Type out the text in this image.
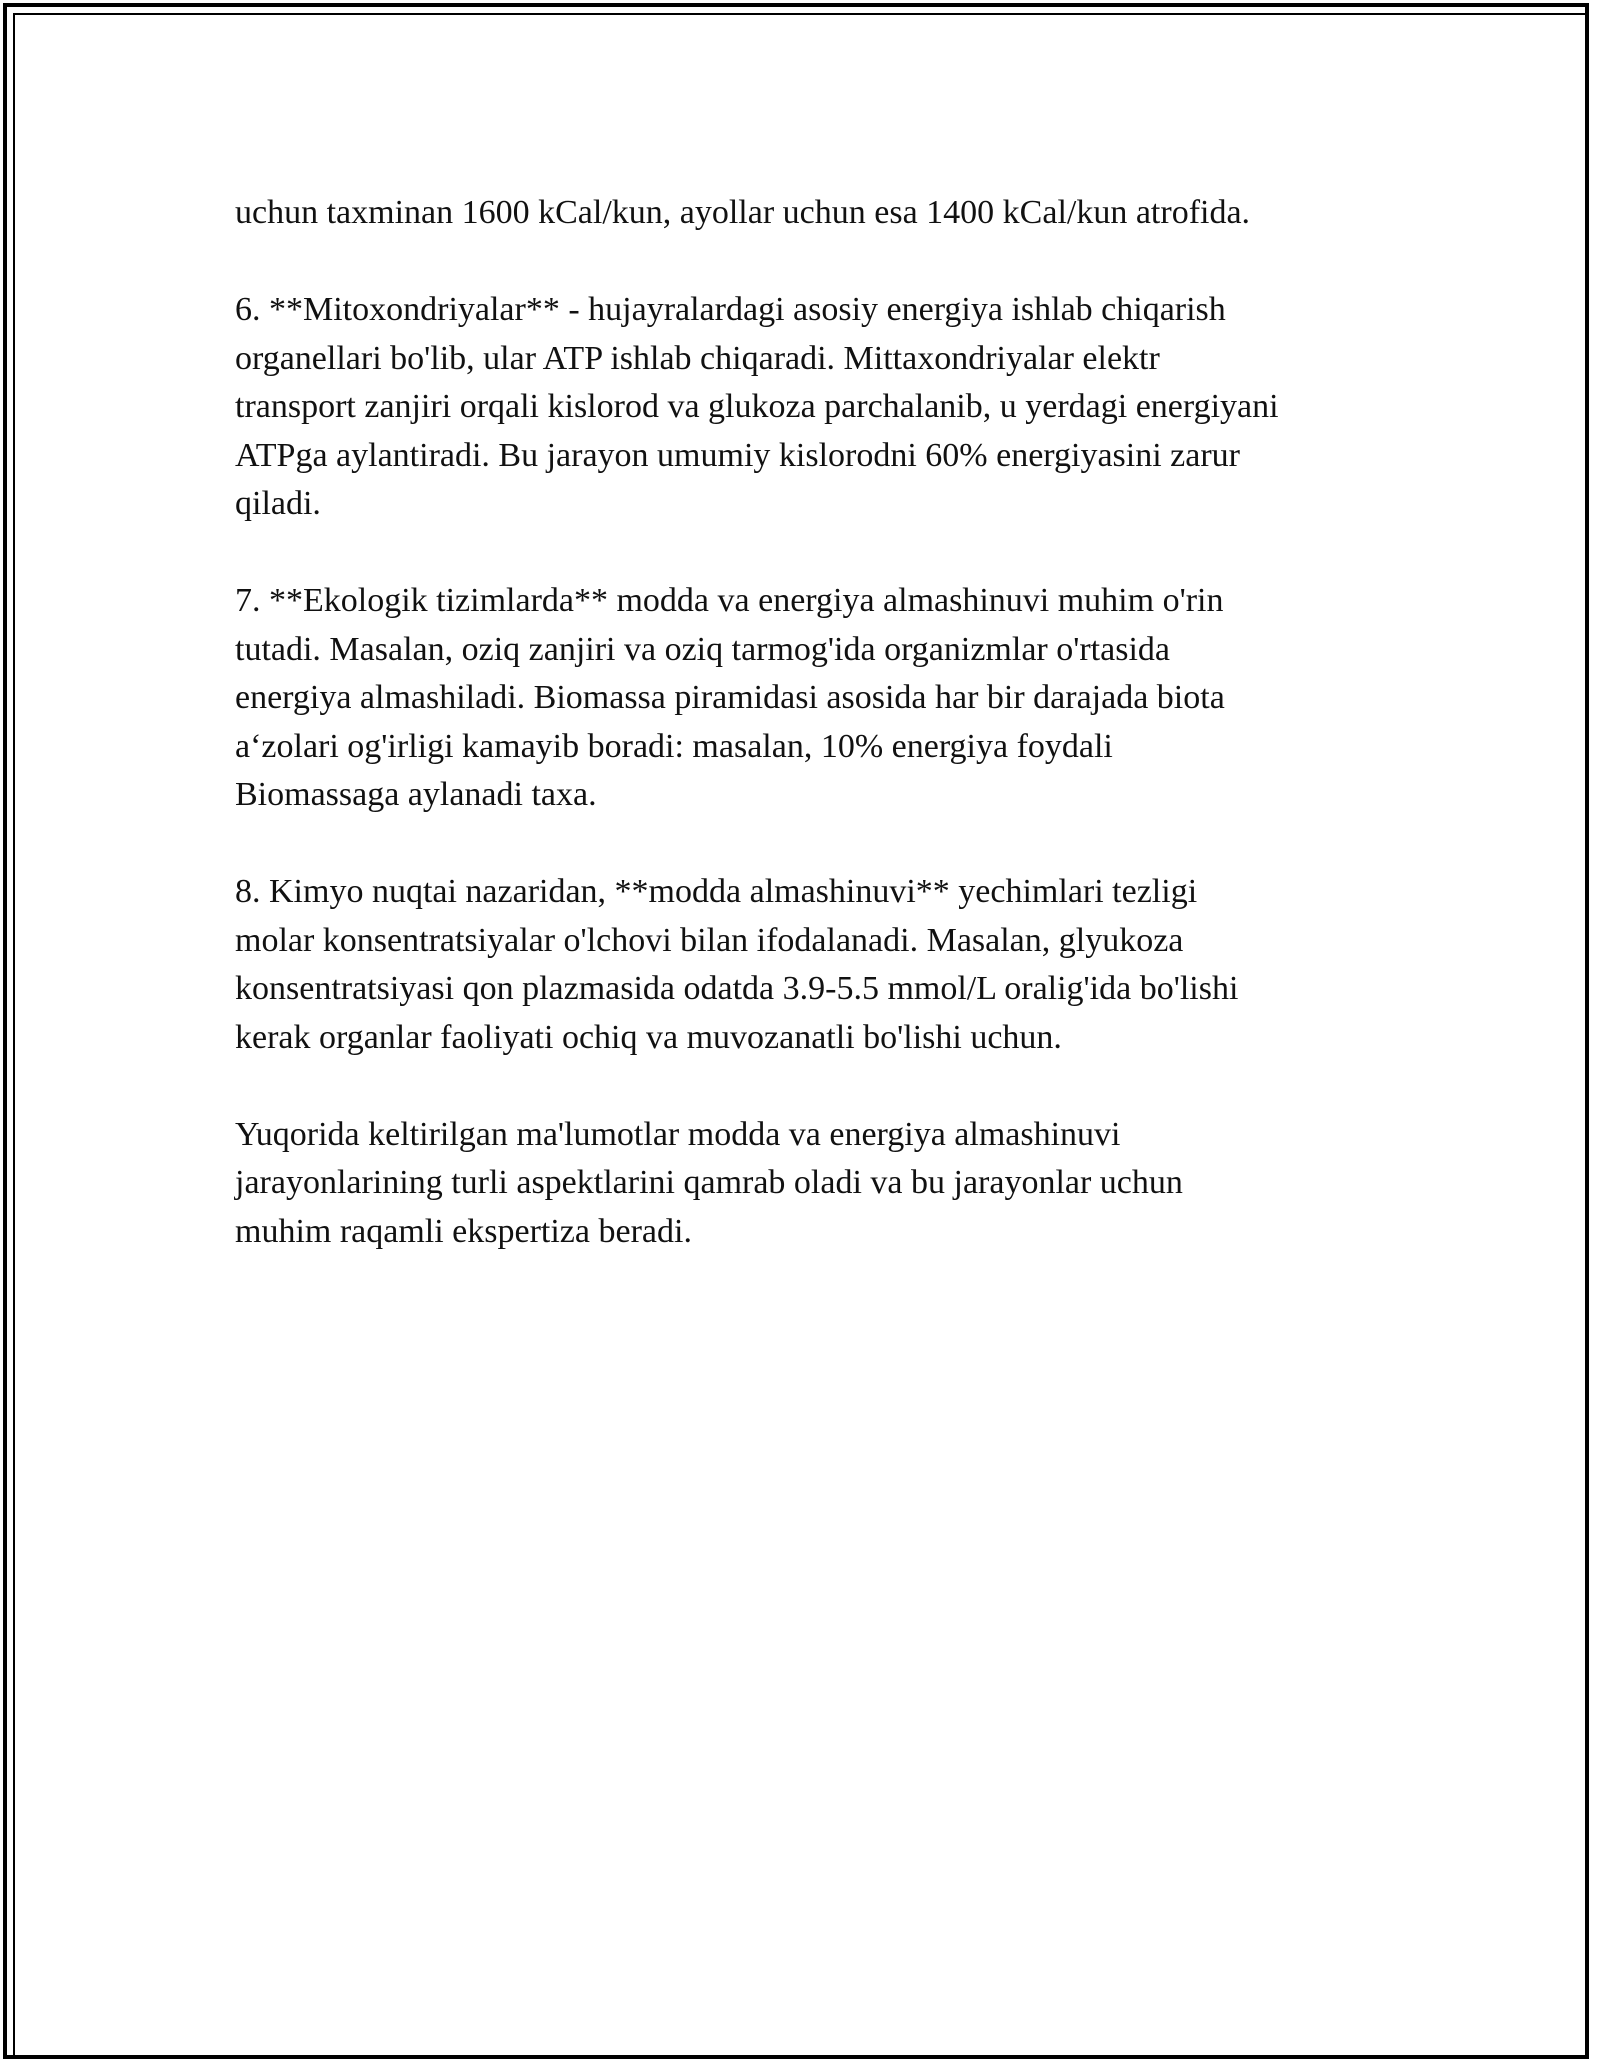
uchun taxminan 1600 kCal/kun, ayollar uchun esa 1400 kCal/kun atrofida.

6. **Mitoxondriyalar** - hujayralardagi asosiy energiya ishlab chiqarish
organellari bo'lib, ular ATP ishlab chiqaradi. Mittaxondriyalar elektr
transport zanjiri orqali kislorod va glukoza parchalanib, u yerdagi energiyani
ATPga aylantiradi. Bu jarayon umumiy kislorodni 60% energiyasini zarur
qiladi.

7. **Ekologik tizimlarda** modda va energiya almashinuvi muhim o'rin
tutadi. Masalan, oziq zanjiri va oziq tarmog'ida organizmlar o'rtasida
energiya almashiladi. Biomassa piramidasi asosida har bir darajada biota
a‘zolari og'irligi kamayib boradi: masalan, 10% energiya foydali
Biomassaga aylanadi taxa.

8. Kimyo nuqtai nazaridan, **modda almashinuvi** yechimlari tezligi
molar konsentratsiyalar o'lchovi bilan ifodalanadi. Masalan, glyukoza
konsentratsiyasi qon plazmasida odatda 3.9-5.5 mmol/L oralig'ida bo'lishi
kerak organlar faoliyati ochiq va muvozanatli bo'lishi uchun.

Yuqorida keltirilgan ma'lumotlar modda va energiya almashinuvi
jarayonlarining turli aspektlarini qamrab oladi va bu jarayonlar uchun
muhim raqamli ekspertiza beradi.
